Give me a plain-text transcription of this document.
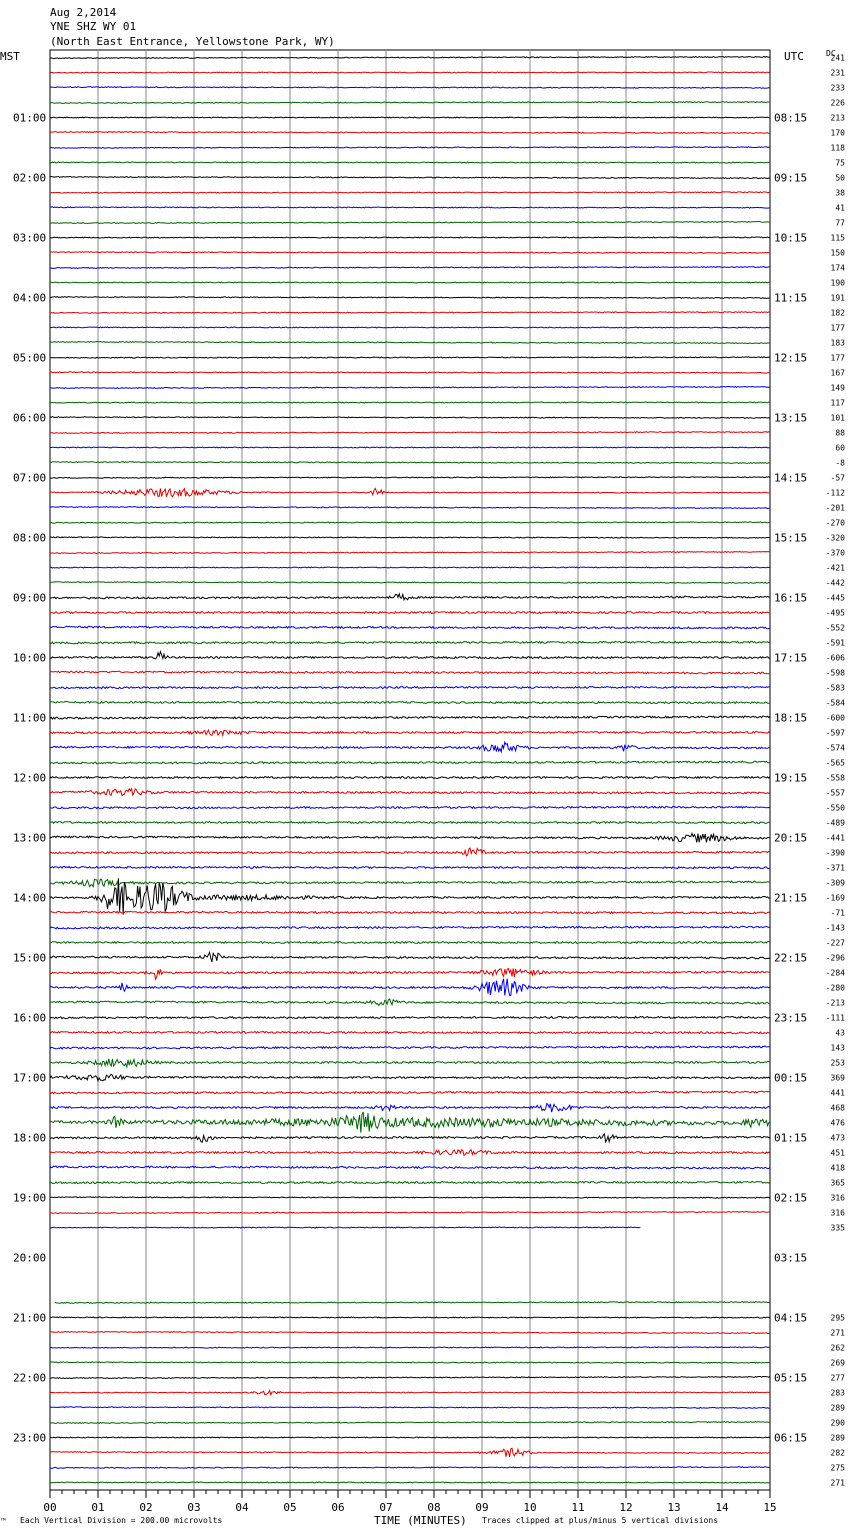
Aug 2,2014
YNE SHZ WY 01
(North East Entrance, Yellowstone Park, WY)
MST	UTC	DC
01:00
02:00
03:00
04:00
05:00
06:00
07:00
08:00
09:00
10:00
11:00
12:00
13:00
14:00
15:00
16:00
17:00
18:00
19:00
20:00
21:00
22:00
23:00
08:15
09:15
10:15
11:15
12:15
13:15
14:15
15:15
16:15
17:15
18:15
19:15
20:15
21:15
22:15
23:15
00:15
01:15
02:15
03:15
04:15
05:15
06:15
241
231
233
226
213
170
118
75
50
38
41
77
115
150
174
190
191
182
177
183
177
167
149
117
101
88
60
-8
-57
-112
-201
-270
-320
-370
-421
-442
-445
-495
-552
-591
-606
-598
-583
-584
-600
-597
-574
-565
-558
-557
-550
-489
-441
-390
-371
-309
-169
-71
-143
-227
-296
-284
-280
-213
-111
43
143
253
369
441
468
476
473
451
418
365
316
316
335
295
271
262
269
277
283
289
290
289
282
275
271
00	01	02	03	04	05	06	07	08	09	10	11	12	13	14	15
™ Each Vertical Division = 200.00 microvolts	TIME (MINUTES) Traces clipped at plus/minus 5 vertical divisions
